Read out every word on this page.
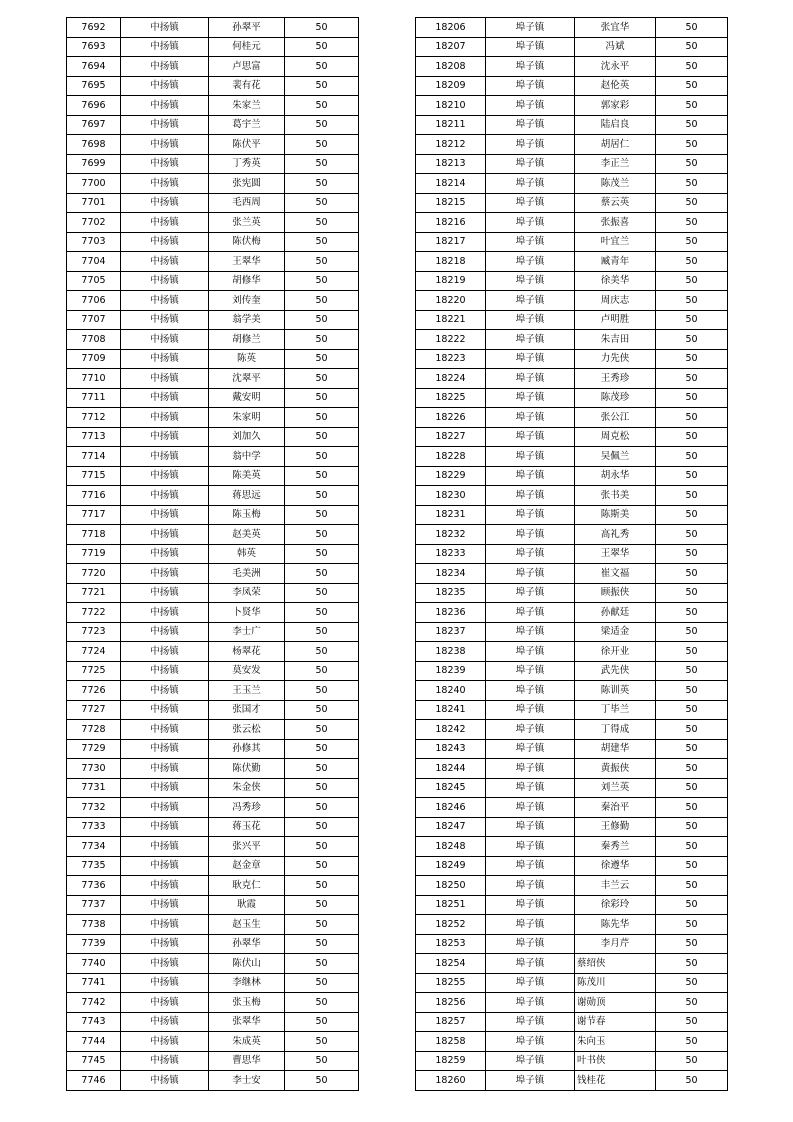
7692	中扬镇	孙翠平	50
7693	中扬镇	何桂元	50
7694	中扬镇	卢思富	50
7695	中扬镇	裴有花	50
7696	中扬镇	朱家兰	50
7697	中扬镇	葛宇兰	50
7698	中扬镇	陈伏平	50
7699	中扬镇	丁秀英	50
7700	中扬镇	张宪圆	50
7701	中扬镇	毛西周	50
7702	中扬镇	张兰英	50
7703	中扬镇	陈伏梅	50
7704	中扬镇	王翠华	50
7705	中扬镇	胡修华	50
7706	中扬镇	刘传奎	50
7707	中扬镇	翁学美	50
7708	中扬镇	胡修兰	50
7709	中扬镇	陈英	50
7710	中扬镇	沈翠平	50
7711	中扬镇	戴安明	50
7712	中扬镇	朱家明	50
7713	中扬镇	刘加久	50
7714	中扬镇	翁中学	50
7715	中扬镇	陈美英	50
7716	中扬镇	蒋思远	50
7717	中扬镇	陈玉梅	50
7718	中扬镇	赵美英	50
7719	中扬镇	韩英	50
7720	中扬镇	毛美洲	50
7721	中扬镇	李凤荣	50
7722	中扬镇	卜贤华	50
7723	中扬镇	李士广	50
7724	中扬镇	杨翠花	50
7725	中扬镇	莫安发	50
7726	中扬镇	王玉兰	50
7727	中扬镇	张国才	50
7728	中扬镇	张云松	50
7729	中扬镇	孙修其	50
7730	中扬镇	陈伏勤	50
7731	中扬镇	朱金侠	50
7732	中扬镇	冯秀珍	50
7733	中扬镇	蒋玉花	50
7734	中扬镇	张兴平	50
7735	中扬镇	赵金章	50
7736	中扬镇	耿克仁	50
7737	中扬镇	耿霞	50
7738	中扬镇	赵玉生	50
7739	中扬镇	孙翠华	50
7740	中扬镇	陈伏山	50
7741	中扬镇	李继林	50
7742	中扬镇	张玉梅	50
7743	中扬镇	张翠华	50
7744	中扬镇	朱成英	50
7745	中扬镇	曹思华	50
7746	中扬镇	李士安	50
18206	埠子镇	张宜华	50
18207	埠子镇	冯斌	50
18208	埠子镇	沈永平	50
18209	埠子镇	赵伦英	50
18210	埠子镇	郭家彩	50
18211	埠子镇	陆启良	50
18212	埠子镇	胡居仁	50
18213	埠子镇	李正兰	50
18214	埠子镇	陈茂兰	50
18215	埠子镇	蔡云英	50
18216	埠子镇	张振喜	50
18217	埠子镇	叶宜兰	50
18218	埠子镇	臧青年	50
18219	埠子镇	徐美华	50
18220	埠子镇	周庆志	50
18221	埠子镇	卢明胜	50
18222	埠子镇	朱吉田	50
18223	埠子镇	力先侠	50
18224	埠子镇	王秀珍	50
18225	埠子镇	陈茂珍	50
18226	埠子镇	张公江	50
18227	埠子镇	周克松	50
18228	埠子镇	吴佩兰	50
18229	埠子镇	胡永华	50
18230	埠子镇	张书美	50
18231	埠子镇	陈斯美	50
18232	埠子镇	高礼秀	50
18233	埠子镇	王翠华	50
18234	埠子镇	崔文福	50
18235	埠子镇	顾振侠	50
18236	埠子镇	孙献廷	50
18237	埠子镇	梁适金	50
18238	埠子镇	徐开业	50
18239	埠子镇	武先侠	50
18240	埠子镇	陈训英	50
18241	埠子镇	丁毕兰	50
18242	埠子镇	丁得成	50
18243	埠子镇	胡建华	50
18244	埠子镇	黄振侠	50
18245	埠子镇	刘兰英	50
18246	埠子镇	秦治平	50
18247	埠子镇	王修勤	50
18248	埠子镇	秦秀兰	50
18249	埠子镇	徐遵华	50
18250	埠子镇	丰兰云	50
18251	埠子镇	徐彩玲	50
18252	埠子镇	陈先华	50
18253	埠子镇	李月芹	50
18254	埠子镇	蔡绍侠	50
18255	埠子镇	陈茂川	50
18256	埠子镇	谢勋顶	50
18257	埠子镇	谢节春	50
18258	埠子镇	朱向玉	50
18259	埠子镇	叶书侠	50
18260	埠子镇	钱桂花	50
